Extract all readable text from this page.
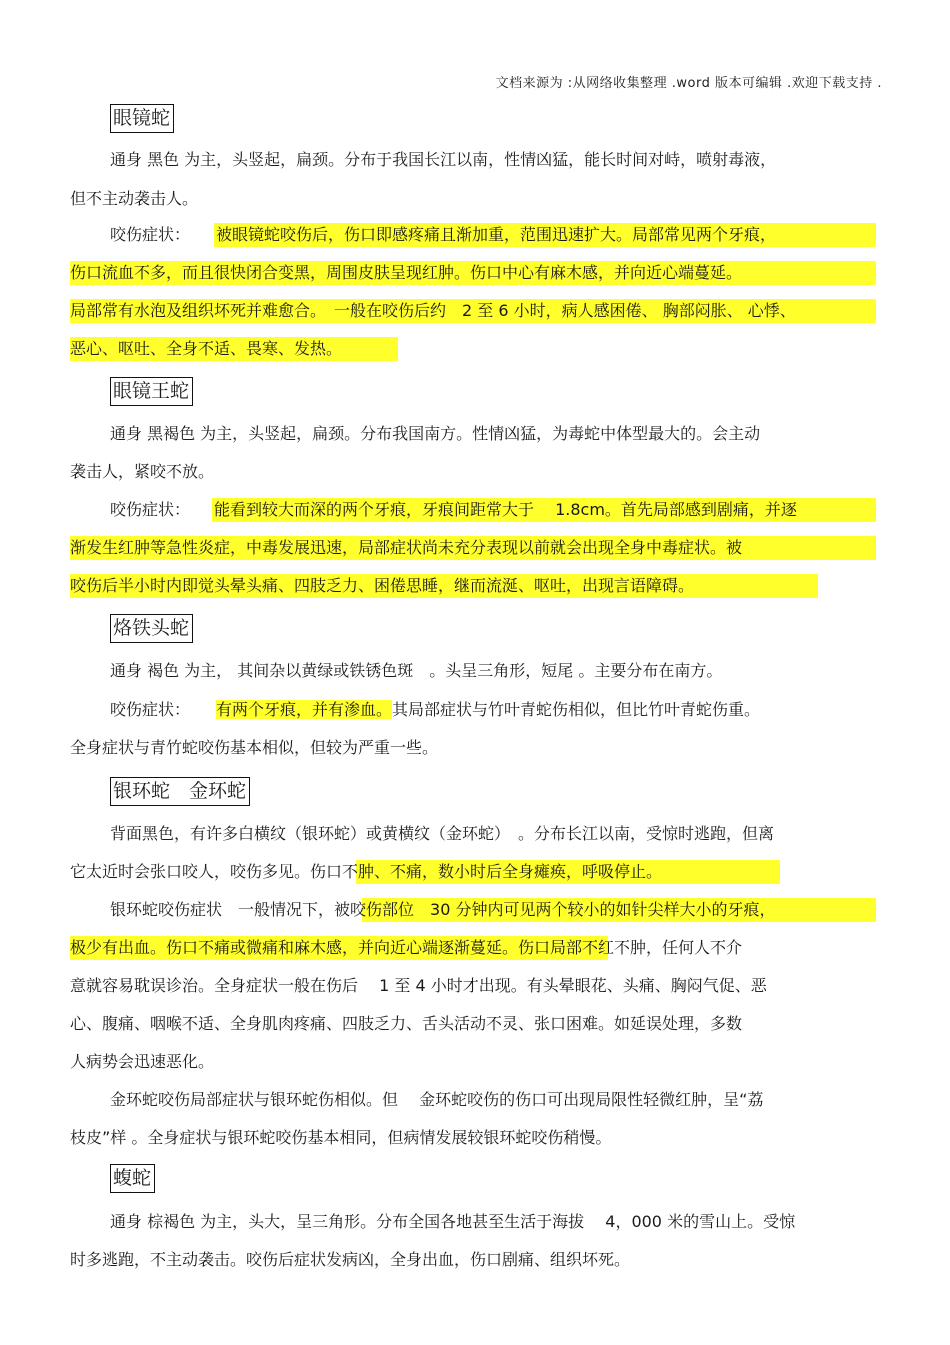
文档来源为 :从网络收集整理 .word 版本可编辑 .欢迎下载支持 .
眼镜蛇
通身 黑色 为主，头竖起，扁颈。分布于我国长江以南，性情凶猛，能长时间对峙，喷射毒液，
但不主动袭击人。
咬伤症状： 被眼镜蛇咬伤后，伤口即感疼痛且渐加重，范围迅速扩大。局部常见两个牙痕，
伤口流血不多，而且很快闭合变黑，周围皮肤呈现红肿。伤口中心有麻木感，并向近心端蔓延。
局部常有水泡及组织坏死并难愈合。　一般在咬伤后约　2 至 6 小时，病人感困倦、 胸部闷胀、 心悸、
恶心、呕吐、全身不适、畏寒、发热。
眼镜王蛇
通身 黑褐色 为主，头竖起，扁颈。分布我国南方。性情凶猛，为毒蛇中体型最大的。会主动
袭击人，紧咬不放。
咬伤症状： 能看到较大而深的两个牙痕，牙痕间距常大于　 1.8cm。首先局部感到剧痛，并逐
渐发生红肿等急性炎症，中毒发展迅速，局部症状尚未充分表现以前就会出现全身中毒症状。被
咬伤后半小时内即觉头晕头痛、四肢乏力、困倦思睡，继而流涎、呕吐，出现言语障碍。
烙铁头蛇
通身 褐色 为主， 其间杂以黄绿或铁锈色斑　。头呈三角形，短尾 。主要分布在南方。
咬伤症状： 有两个牙痕，并有渗血。其局部症状与竹叶青蛇伤相似，但比竹叶青蛇伤重。
全身症状与青竹蛇咬伤基本相似，但较为严重一些。
银环蛇　金环蛇
背面黑色，有许多白横纹（银环蛇）或黄横纹（金环蛇）　。分布长江以南，受惊时逃跑，但离
它太近时会张口咬人，咬伤多见。伤口不肿、不痛，数小时后全身瘫痪，呼吸停止。
银环蛇咬伤症状　一般情况下，被咬伤部位　30 分钟内可见两个较小的如针尖样大小的牙痕，
极少有出血。伤口不痛或微痛和麻木感，并向近心端逐渐蔓延。伤口局部不红不肿，任何人不介
意就容易耽误诊治。全身症状一般在伤后　 1 至 4 小时才出现。有头晕眼花、头痛、胸闷气促、恶
心、腹痛、咽喉不适、全身肌肉疼痛、四肢乏力、舌头活动不灵、张口困难。如延误处理，多数
人病势会迅速恶化。
金环蛇咬伤局部症状与银环蛇伤相似。但　 金环蛇咬伤的伤口可出现局限性轻微红肿，呈“荔
枝皮”样 。全身症状与银环蛇咬伤基本相同，但病情发展较银环蛇咬伤稍慢。
蝮蛇
通身 棕褐色 为主，头大，呈三角形。分布全国各地甚至生活于海拔　 4，000 米的雪山上。受惊
时多逃跑，不主动袭击。咬伤后症状发病凶，全身出血，伤口剧痛、组织坏死。
